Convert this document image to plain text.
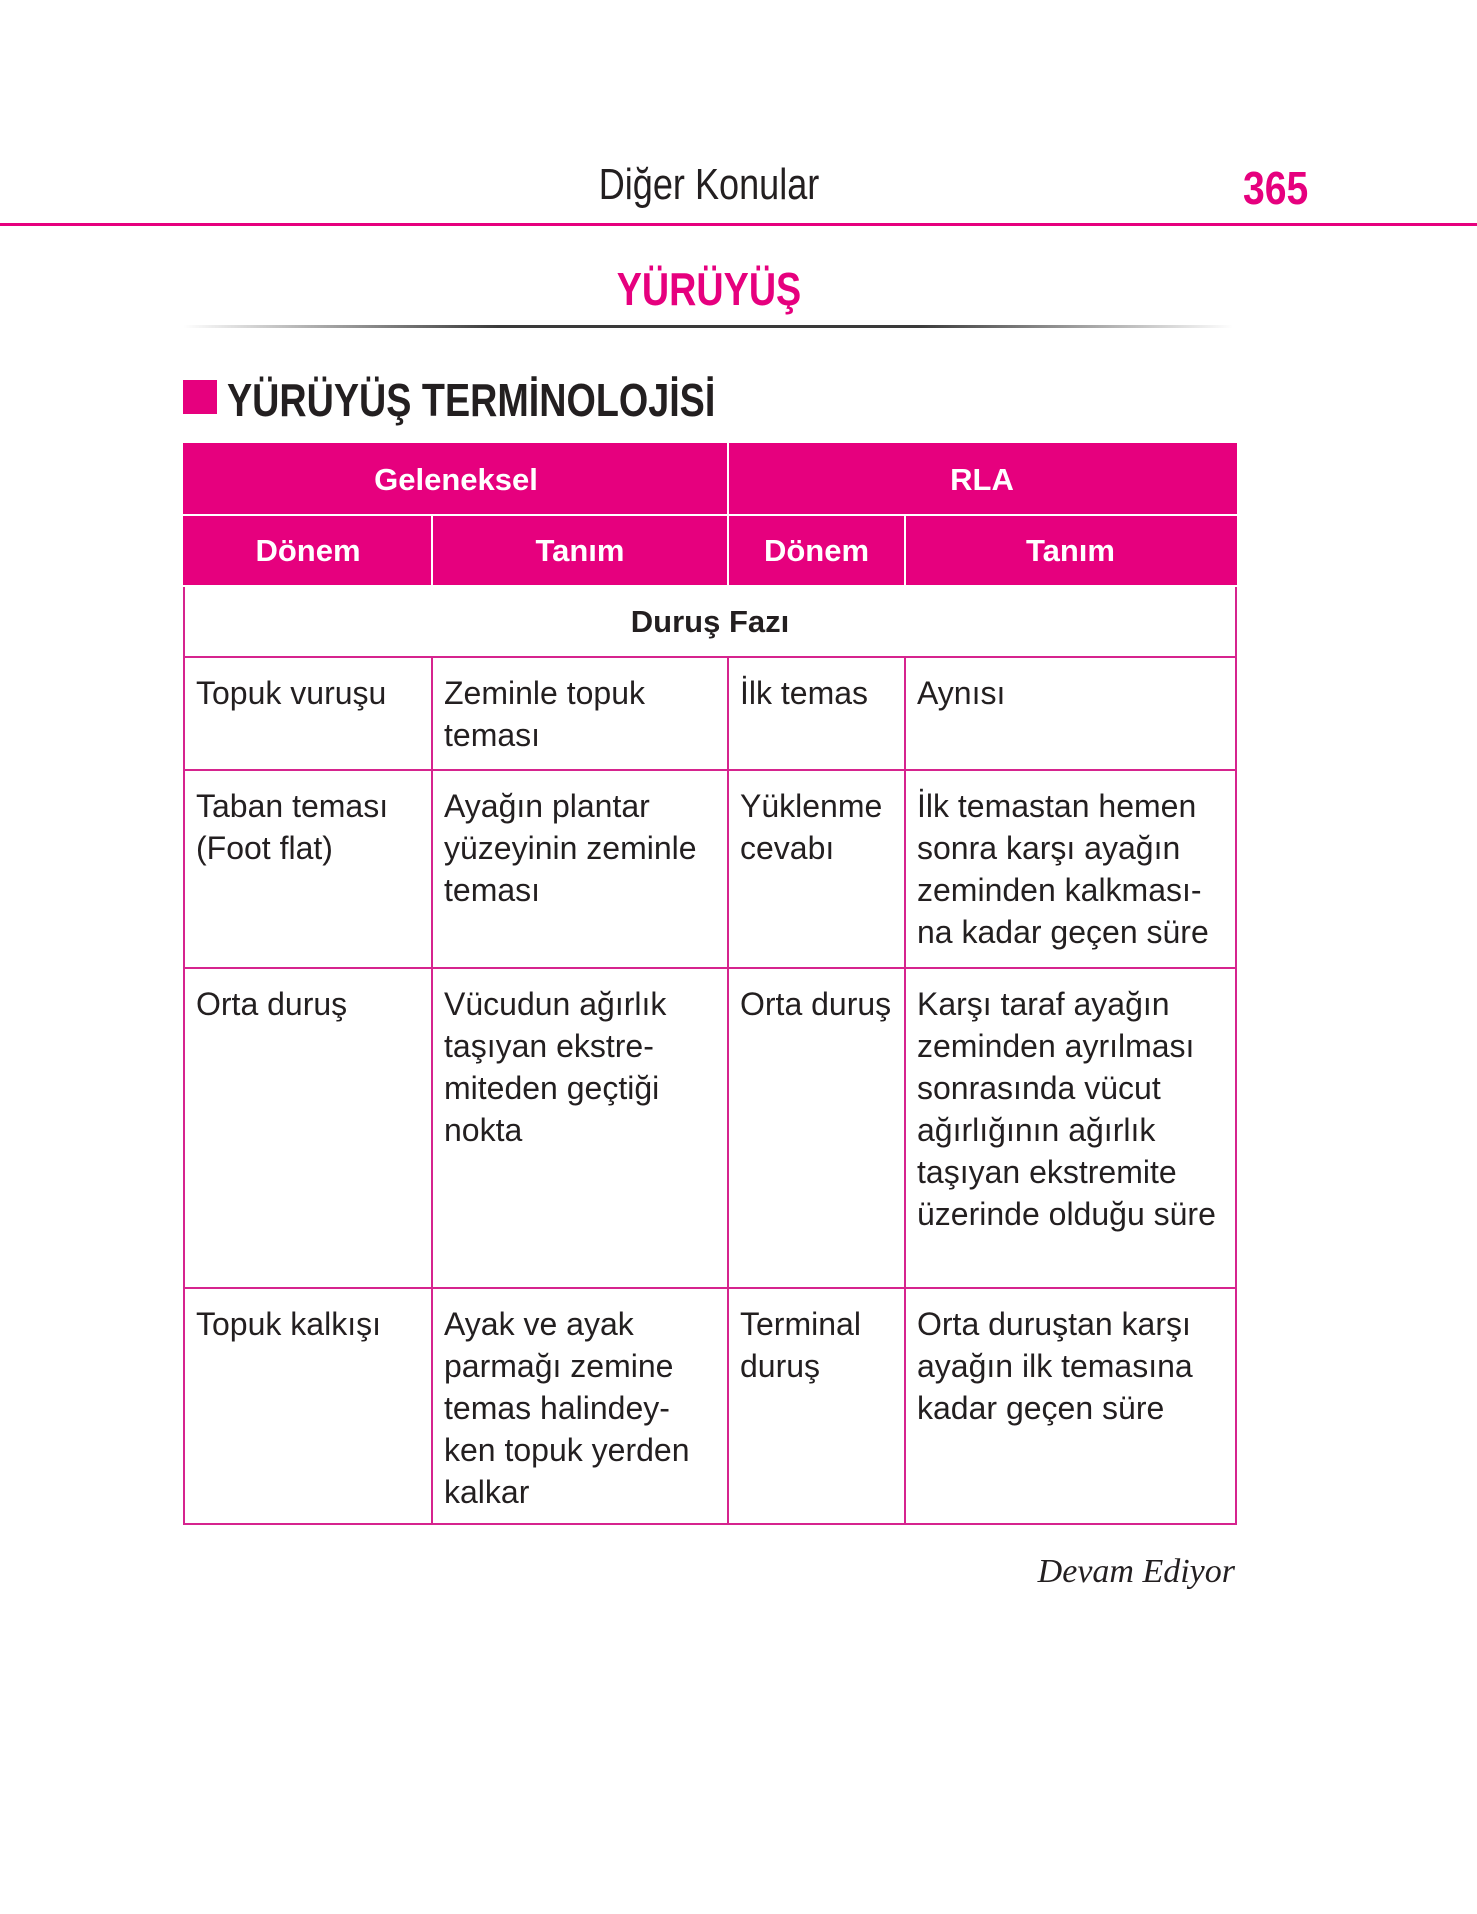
Diğer Konular	365
YÜRÜYÜŞ
YÜRÜYÜŞ TERMİNOLOJİSİ
Geleneksel		RLA	
Dönem	Tanım	Dönem	Tanım
Duruş Fazı			
Topuk vuruşu	Zeminle topuk teması	İlk temas	Aynısı
Taban teması (Foot flat)	Ayağın plantar yüzeyinin zeminle teması	Yüklenme cevabı	İlk temastan hemen sonra karşı ayağın zeminden kalkması-na kadar geçen süre
Orta duruş	Vücudun ağırlık taşıyan ekstre-miteden geçtiği nokta	Orta duruş	Karşı taraf ayağın zeminden ayrılması sonrasında vücut ağırlığının ağırlık taşıyan ekstremite üzerinde olduğu süre
Topuk kalkışı	Ayak ve ayak parmağı zemine temas halindey-ken topuk yerden kalkar	Terminal duruş	Orta duruştan karşı ayağın ilk temasına kadar geçen süre
Devam Ediyor
